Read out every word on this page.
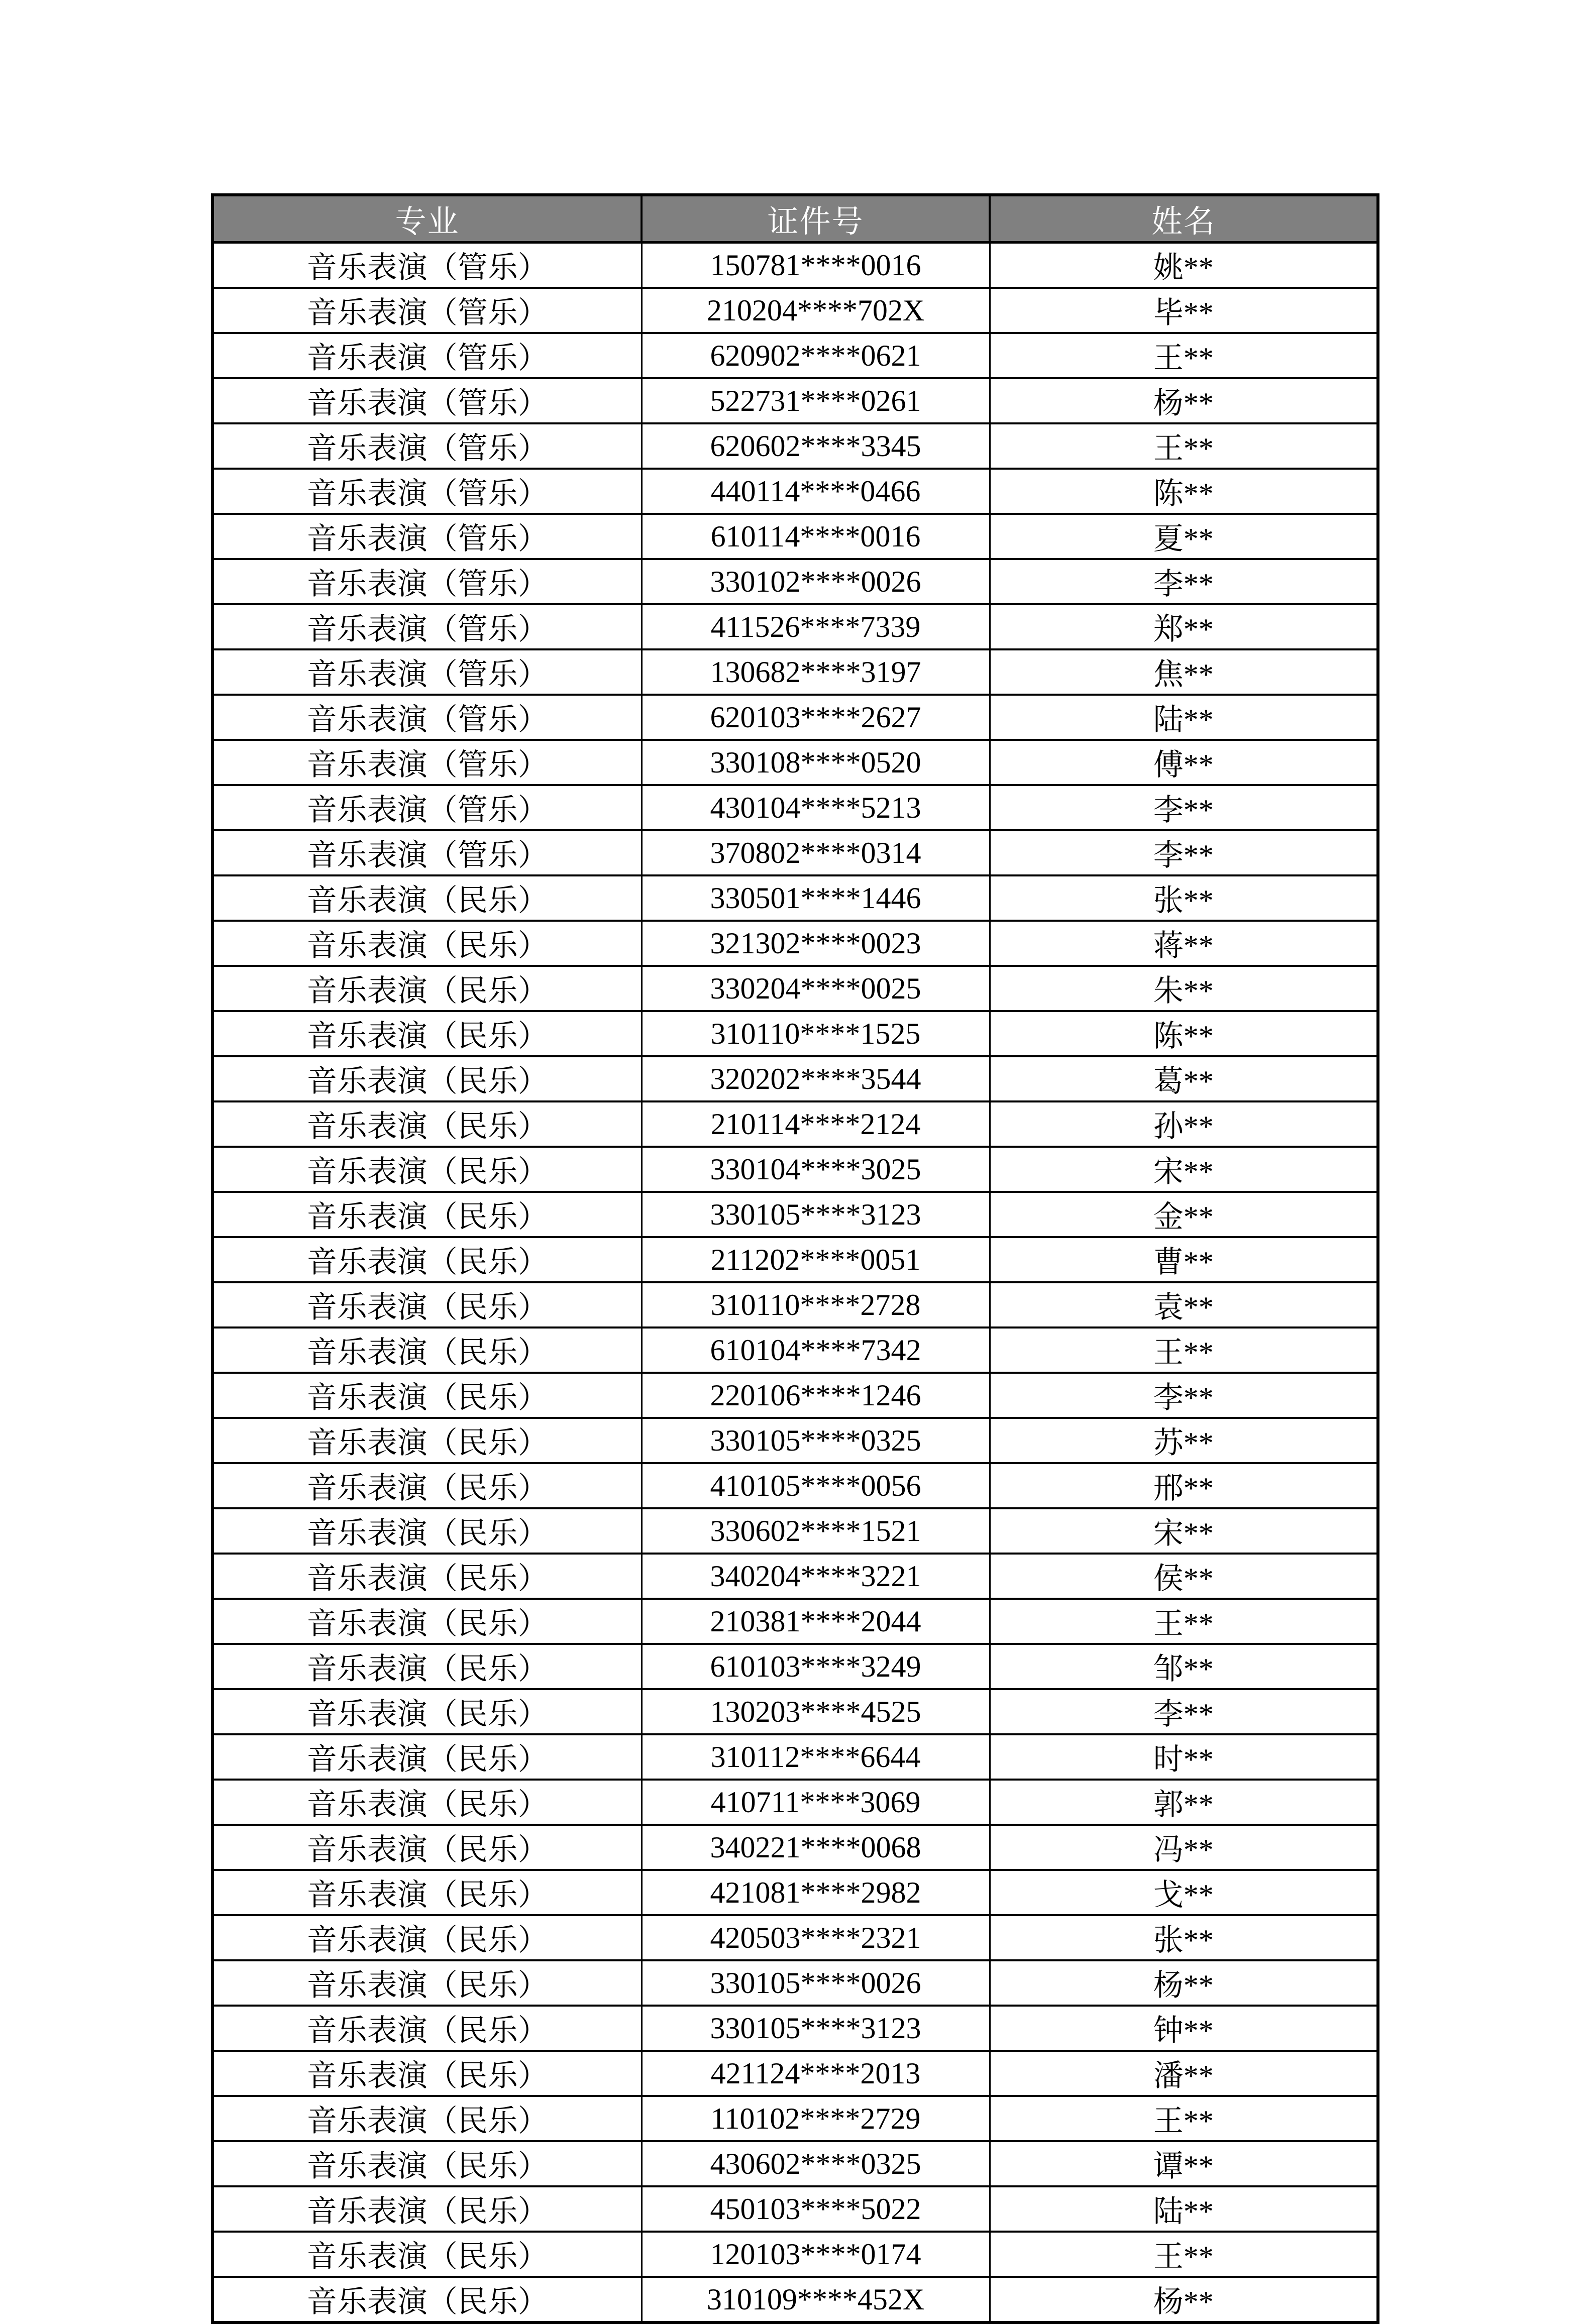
专业	证件号	姓名
音乐表演（管乐）	150781****0016	姚**
音乐表演（管乐）	210204****702X	毕**
音乐表演（管乐）	620902****0621	王**
音乐表演（管乐）	522731****0261	杨**
音乐表演（管乐）	620602****3345	王**
音乐表演（管乐）	440114****0466	陈**
音乐表演（管乐）	610114****0016	夏**
音乐表演（管乐）	330102****0026	李**
音乐表演（管乐）	411526****7339	郑**
音乐表演（管乐）	130682****3197	焦**
音乐表演（管乐）	620103****2627	陆**
音乐表演（管乐）	330108****0520	傅**
音乐表演（管乐）	430104****5213	李**
音乐表演（管乐）	370802****0314	李**
音乐表演（民乐）	330501****1446	张**
音乐表演（民乐）	321302****0023	蒋**
音乐表演（民乐）	330204****0025	朱**
音乐表演（民乐）	310110****1525	陈**
音乐表演（民乐）	320202****3544	葛**
音乐表演（民乐）	210114****2124	孙**
音乐表演（民乐）	330104****3025	宋**
音乐表演（民乐）	330105****3123	金**
音乐表演（民乐）	211202****0051	曹**
音乐表演（民乐）	310110****2728	袁**
音乐表演（民乐）	610104****7342	王**
音乐表演（民乐）	220106****1246	李**
音乐表演（民乐）	330105****0325	苏**
音乐表演（民乐）	410105****0056	邢**
音乐表演（民乐）	330602****1521	宋**
音乐表演（民乐）	340204****3221	侯**
音乐表演（民乐）	210381****2044	王**
音乐表演（民乐）	610103****3249	邹**
音乐表演（民乐）	130203****4525	李**
音乐表演（民乐）	310112****6644	时**
音乐表演（民乐）	410711****3069	郭**
音乐表演（民乐）	340221****0068	冯**
音乐表演（民乐）	421081****2982	戈**
音乐表演（民乐）	420503****2321	张**
音乐表演（民乐）	330105****0026	杨**
音乐表演（民乐）	330105****3123	钟**
音乐表演（民乐）	421124****2013	潘**
音乐表演（民乐）	110102****2729	王**
音乐表演（民乐）	430602****0325	谭**
音乐表演（民乐）	450103****5022	陆**
音乐表演（民乐）	120103****0174	王**
音乐表演（民乐）	310109****452X	杨**
